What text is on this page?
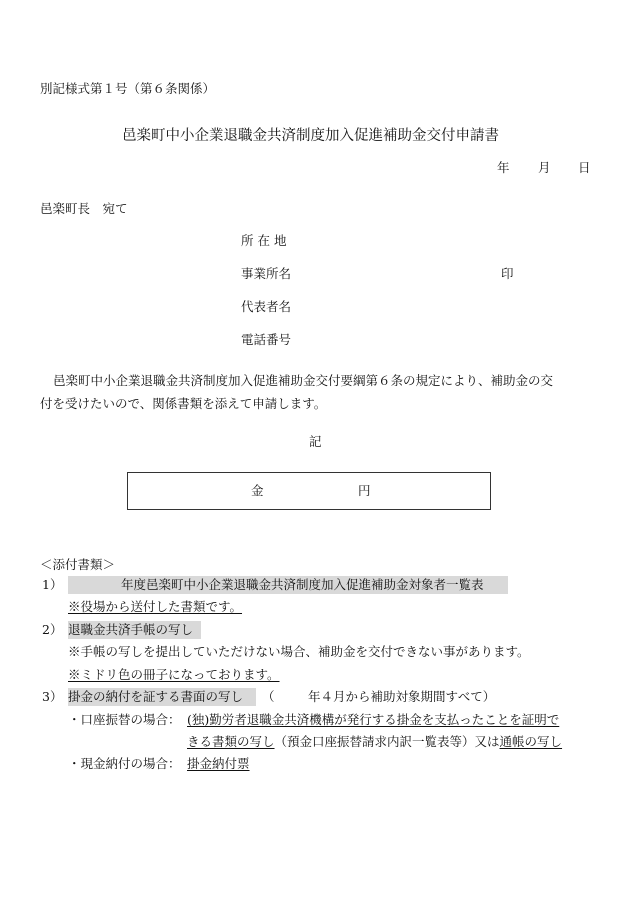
別記様式第１号（第６条関係）
邑楽町中小企業退職金共済制度加入促進補助金交付申請書
年 月 日
邑楽町長　宛て
所 在 地
事業所名	印
代表者名
電話番号
邑楽町中小企業退職金共済制度加入促進補助金交付要綱第６条の規定により、補助金の交
付を受けたいので、関係書類を添えて申請します。
記
金	円
＜添付書類＞
1）	年度邑楽町中小企業退職金共済制度加入促進補助金対象者一覧表
※役場から送付した書類です。
2） 退職金共済手帳の写し
※手帳の写しを提出していただけない場合、補助金を交付できない事があります。
※ミドリ色の冊子になっております。
3） 掛金の納付を証する書面の写し （	年４月から補助対象期間すべて）
・口座振替の場合： (独)勤労者退職金共済機構が発行する掛金を支払ったことを証明で
きる書類の写し（預金口座振替請求内訳一覧表等）又は通帳の写し
・現金納付の場合： 掛金納付票
